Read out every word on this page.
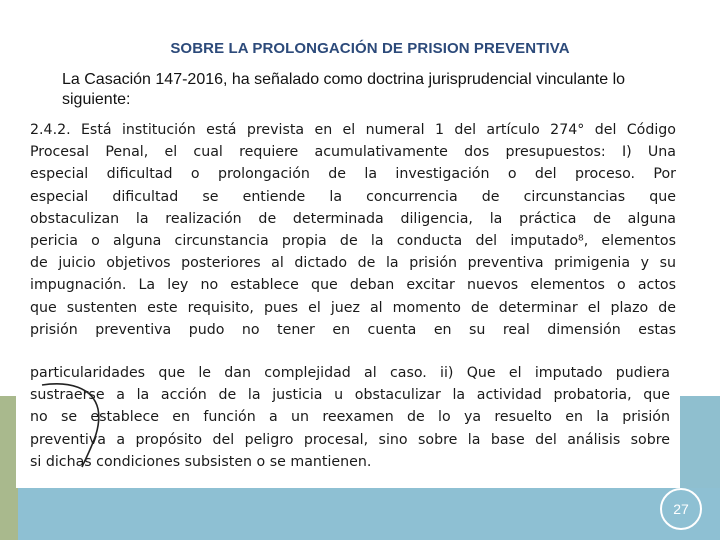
SOBRE LA PROLONGACIÓN DE PRISION PREVENTIVA
La Casación 147-2016, ha señalado como doctrina jurisprudencial vinculante lo siguiente:

2.4.2. Está institución está prevista en el numeral 1 del artículo 274° del Código
Procesal Penal, el cual requiere acumulativamente dos presupuestos: I) Una
especial dificultad o prolongación de la investigación o del proceso. Por
especial dificultad se entiende la concurrencia de circunstancias que
obstaculizan la realización de determinada diligencia, la práctica de alguna
pericia o alguna circunstancia propia de la conducta del imputado⁸, elementos
de juicio objetivos posteriores al dictado de la prisión preventiva primigenia y su
impugnación. La ley no establece que deban excitar nuevos elementos o actos
que sustenten este requisito, pues el juez al momento de determinar el plazo de
prisión preventiva pudo no tener en cuenta en su real dimensión estas

particularidades que le dan complejidad al caso. ii) Que el imputado pudiera
sustraerse a la acción de la justicia u obstaculizar la actividad probatoria, que
no se establece en función a un reexamen de lo ya resuelto en la prisión
preventiva a propósito del peligro procesal, sino sobre la base del análisis sobre
si dichas condiciones subsisten o se mantienen.

27
